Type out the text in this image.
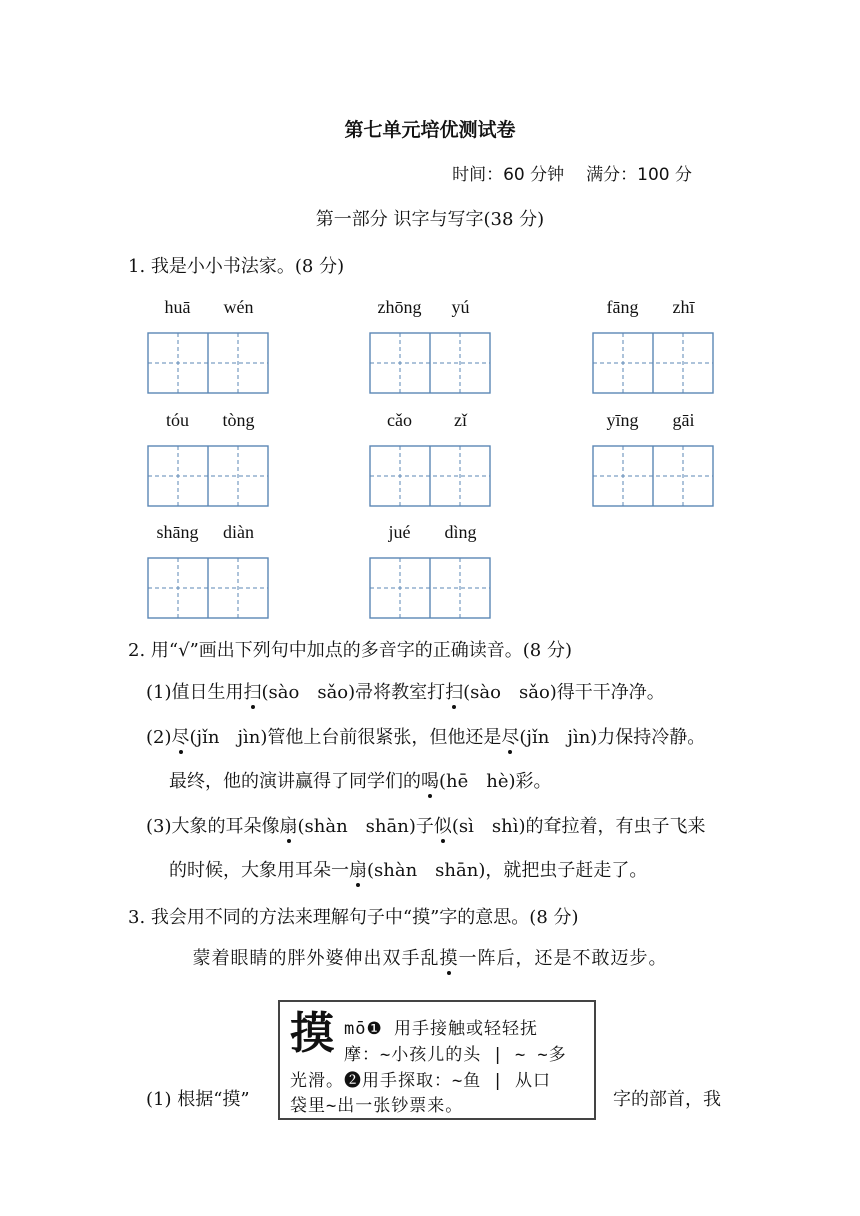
第七单元培优测试卷
时间：60 分钟 满分：100 分
第一部分 识字与写字(38 分)
1. 我是小小书法家。(8 分)
huā	wén	zhōng	yú	fāng	zhī
tóu	tòng	cǎo	zǐ	yīng	gāi
shāng	diàn	jué	dìng
2. 用“√”画出下列句中加点的多音字的正确读音。(8 分)
(1)值日生用扫(sào　sǎo)帚将教室打扫(sào　sǎo)得干干净净。
(2)尽(jǐn　jìn)管他上台前很紧张，但他还是尽(jǐn　jìn)力保持冷静。
最终，他的演讲赢得了同学们的喝(hē　hè)彩。
(3)大象的耳朵像扇(shàn　shān)子似(sì　shì)的耷拉着，有虫子飞来
的时候，大象用耳朵一扇(shàn　shān)，就把虫子赶走了。
3. 我会用不同的方法来理解句子中“摸”字的意思。(8 分)
蒙着眼睛的胖外婆伸出双手乱摸一阵后，还是不敢迈步。
摸 mō❶ 用手接触或轻轻抚
摩：~小孩儿的头 | ~ ~多
光滑。❷用手探取：~鱼 | 从口
袋里~出一张钞票来。
(1) 根据“摸”	字的部首，我
